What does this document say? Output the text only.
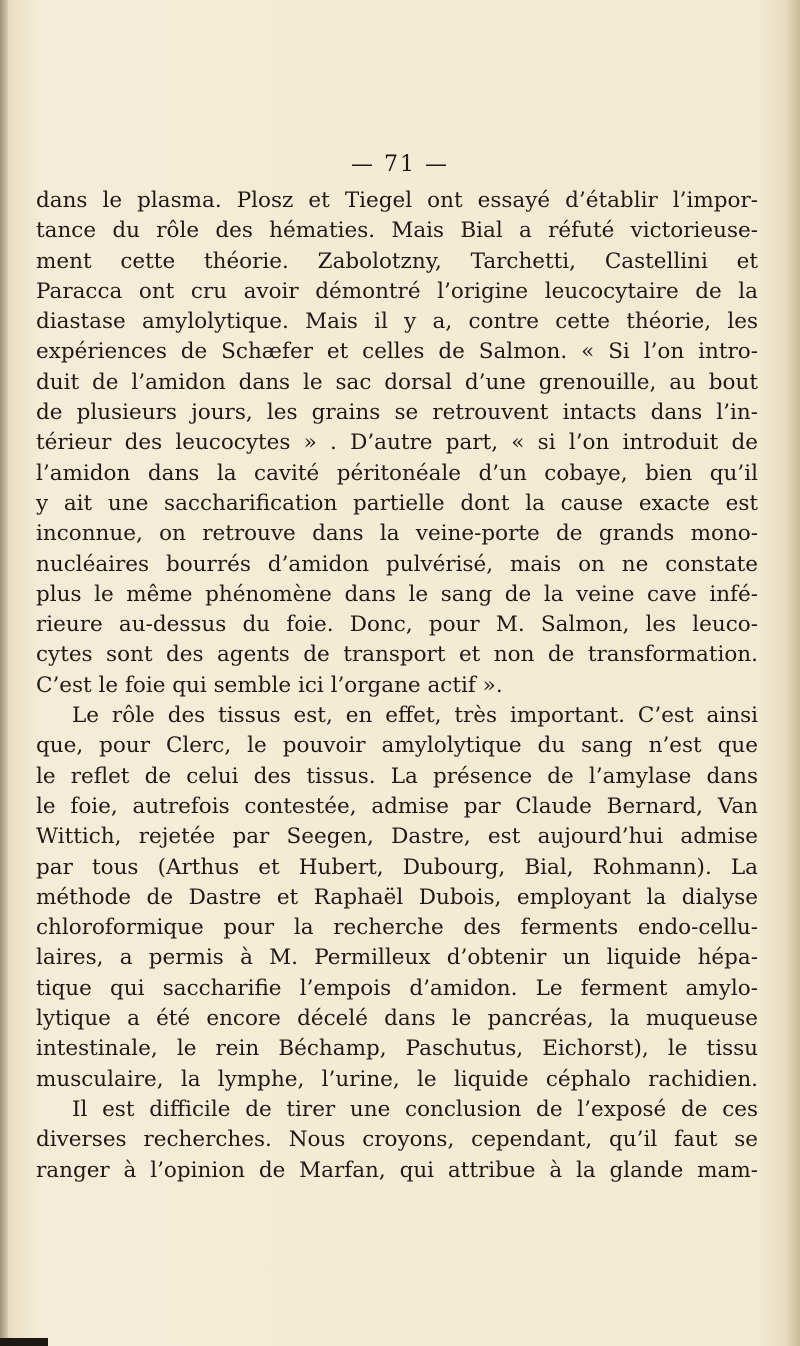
— 71 —
dans le plasma. Plosz et Tiegel ont essayé d’établir l’impor-
tance du rôle des hématies. Mais Bial a réfuté victorieuse-
ment cette théorie. Zabolotzny, Tarchetti, Castellini et
Paracca ont cru avoir démontré l’origine leucocytaire de la
diastase amylolytique. Mais il y a, contre cette théorie, les
expériences de Schæfer et celles de Salmon. « Si l’on intro-
duit de l’amidon dans le sac dorsal d’une grenouille, au bout
de plusieurs jours, les grains se retrouvent intacts dans l’in-
térieur des leucocytes » . D’autre part, « si l’on introduit de
l’amidon dans la cavité péritonéale d’un cobaye, bien qu’il
y ait une saccharification partielle dont la cause exacte est
inconnue, on retrouve dans la veine-porte de grands mono-
nucléaires bourrés d’amidon pulvérisé, mais on ne constate
plus le même phénomène dans le sang de la veine cave infé-
rieure au-dessus du foie. Donc, pour M. Salmon, les leuco-
cytes sont des agents de transport et non de transformation.
C’est le foie qui semble ici l’organe actif ».
Le rôle des tissus est, en effet, très important. C’est ainsi
que, pour Clerc, le pouvoir amylolytique du sang n’est que
le reflet de celui des tissus. La présence de l’amylase dans
le foie, autrefois contestée, admise par Claude Bernard, Van
Wittich, rejetée par Seegen, Dastre, est aujourd’hui admise
par tous (Arthus et Hubert, Dubourg, Bial, Rohmann). La
méthode de Dastre et Raphaël Dubois, employant la dialyse
chloroformique pour la recherche des ferments endo-cellu-
laires, a permis à M. Permilleux d’obtenir un liquide hépa-
tique qui saccharifie l’empois d’amidon. Le ferment amylo-
lytique a été encore décelé dans le pancréas, la muqueuse
intestinale, le rein Béchamp, Paschutus, Eichorst), le tissu
musculaire, la lymphe, l’urine, le liquide céphalo rachidien.
Il est difficile de tirer une conclusion de l’exposé de ces
diverses recherches. Nous croyons, cependant, qu’il faut se
ranger à l’opinion de Marfan, qui attribue à la glande mam-
